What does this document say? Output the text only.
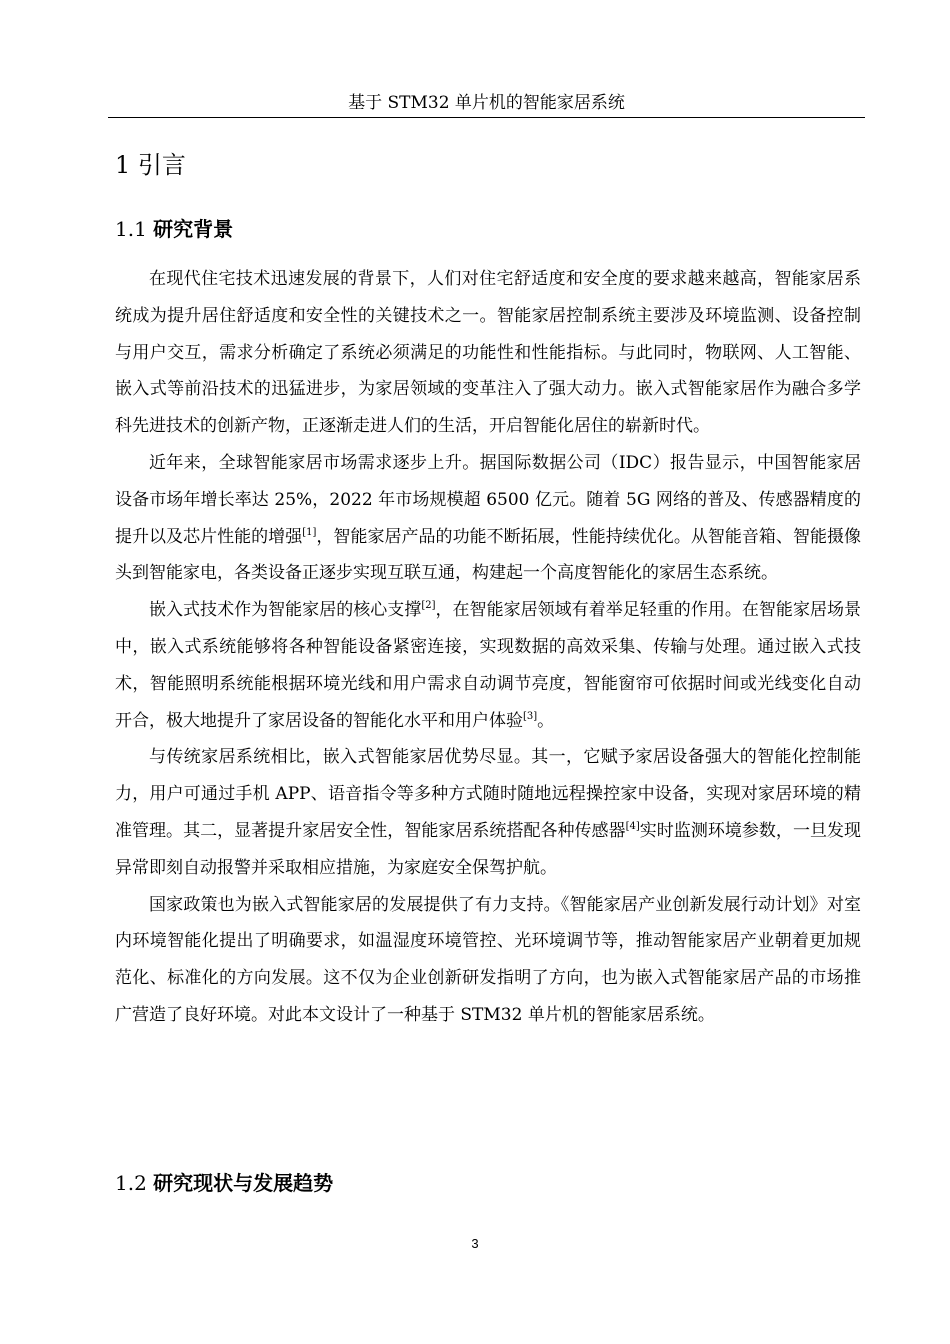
基于 STM32 单片机的智能家居系统
1 引言
1.1 研究背景

在现代住宅技术迅速发展的背景下，人们对住宅舒适度和安全度的要求越来越高，智能家居系统成为提升居住舒适度和安全性的关键技术之一。智能家居控制系统主要涉及环境监测、设备控制与用户交互，需求分析确定了系统必须满足的功能性和性能指标。与此同时，物联网、人工智能、嵌入式等前沿技术的迅猛进步，为家居领域的变革注入了强大动力。嵌入式智能家居作为融合多学科先进技术的创新产物，正逐渐走进人们的生活，开启智能化居住的崭新时代。

近年来，全球智能家居市场需求逐步上升。据国际数据公司（IDC）报告显示，中国智能家居设备市场年增长率达 25%，2022 年市场规模超 6500 亿元。随着 5G 网络的普及、传感器精度的提升以及芯片性能的增强[1]，智能家居产品的功能不断拓展，性能持续优化。从智能音箱、智能摄像头到智能家电，各类设备正逐步实现互联互通，构建起一个高度智能化的家居生态系统。

嵌入式技术作为智能家居的核心支撑[2]，在智能家居领域有着举足轻重的作用。在智能家居场景中，嵌入式系统能够将各种智能设备紧密连接，实现数据的高效采集、传输与处理。通过嵌入式技术，智能照明系统能根据环境光线和用户需求自动调节亮度，智能窗帘可依据时间或光线变化自动开合，极大地提升了家居设备的智能化水平和用户体验[3]。

与传统家居系统相比，嵌入式智能家居优势尽显。其一，它赋予家居设备强大的智能化控制能力，用户可通过手机 APP、语音指令等多种方式随时随地远程操控家中设备，实现对家居环境的精准管理。其二，显著提升家居安全性，智能家居系统搭配各种传感器[4]实时监测环境参数，一旦发现异常即刻自动报警并采取相应措施，为家庭安全保驾护航。

国家政策也为嵌入式智能家居的发展提供了有力支持。《智能家居产业创新发展行动计划》对室内环境智能化提出了明确要求，如温湿度环境管控、光环境调节等，推动智能家居产业朝着更加规范化、标准化的方向发展。这不仅为企业创新研发指明了方向，也为嵌入式智能家居产品的市场推广营造了良好环境。对此本文设计了一种基于 STM32 单片机的智能家居系统。

1.2 研究现状与发展趋势
3
